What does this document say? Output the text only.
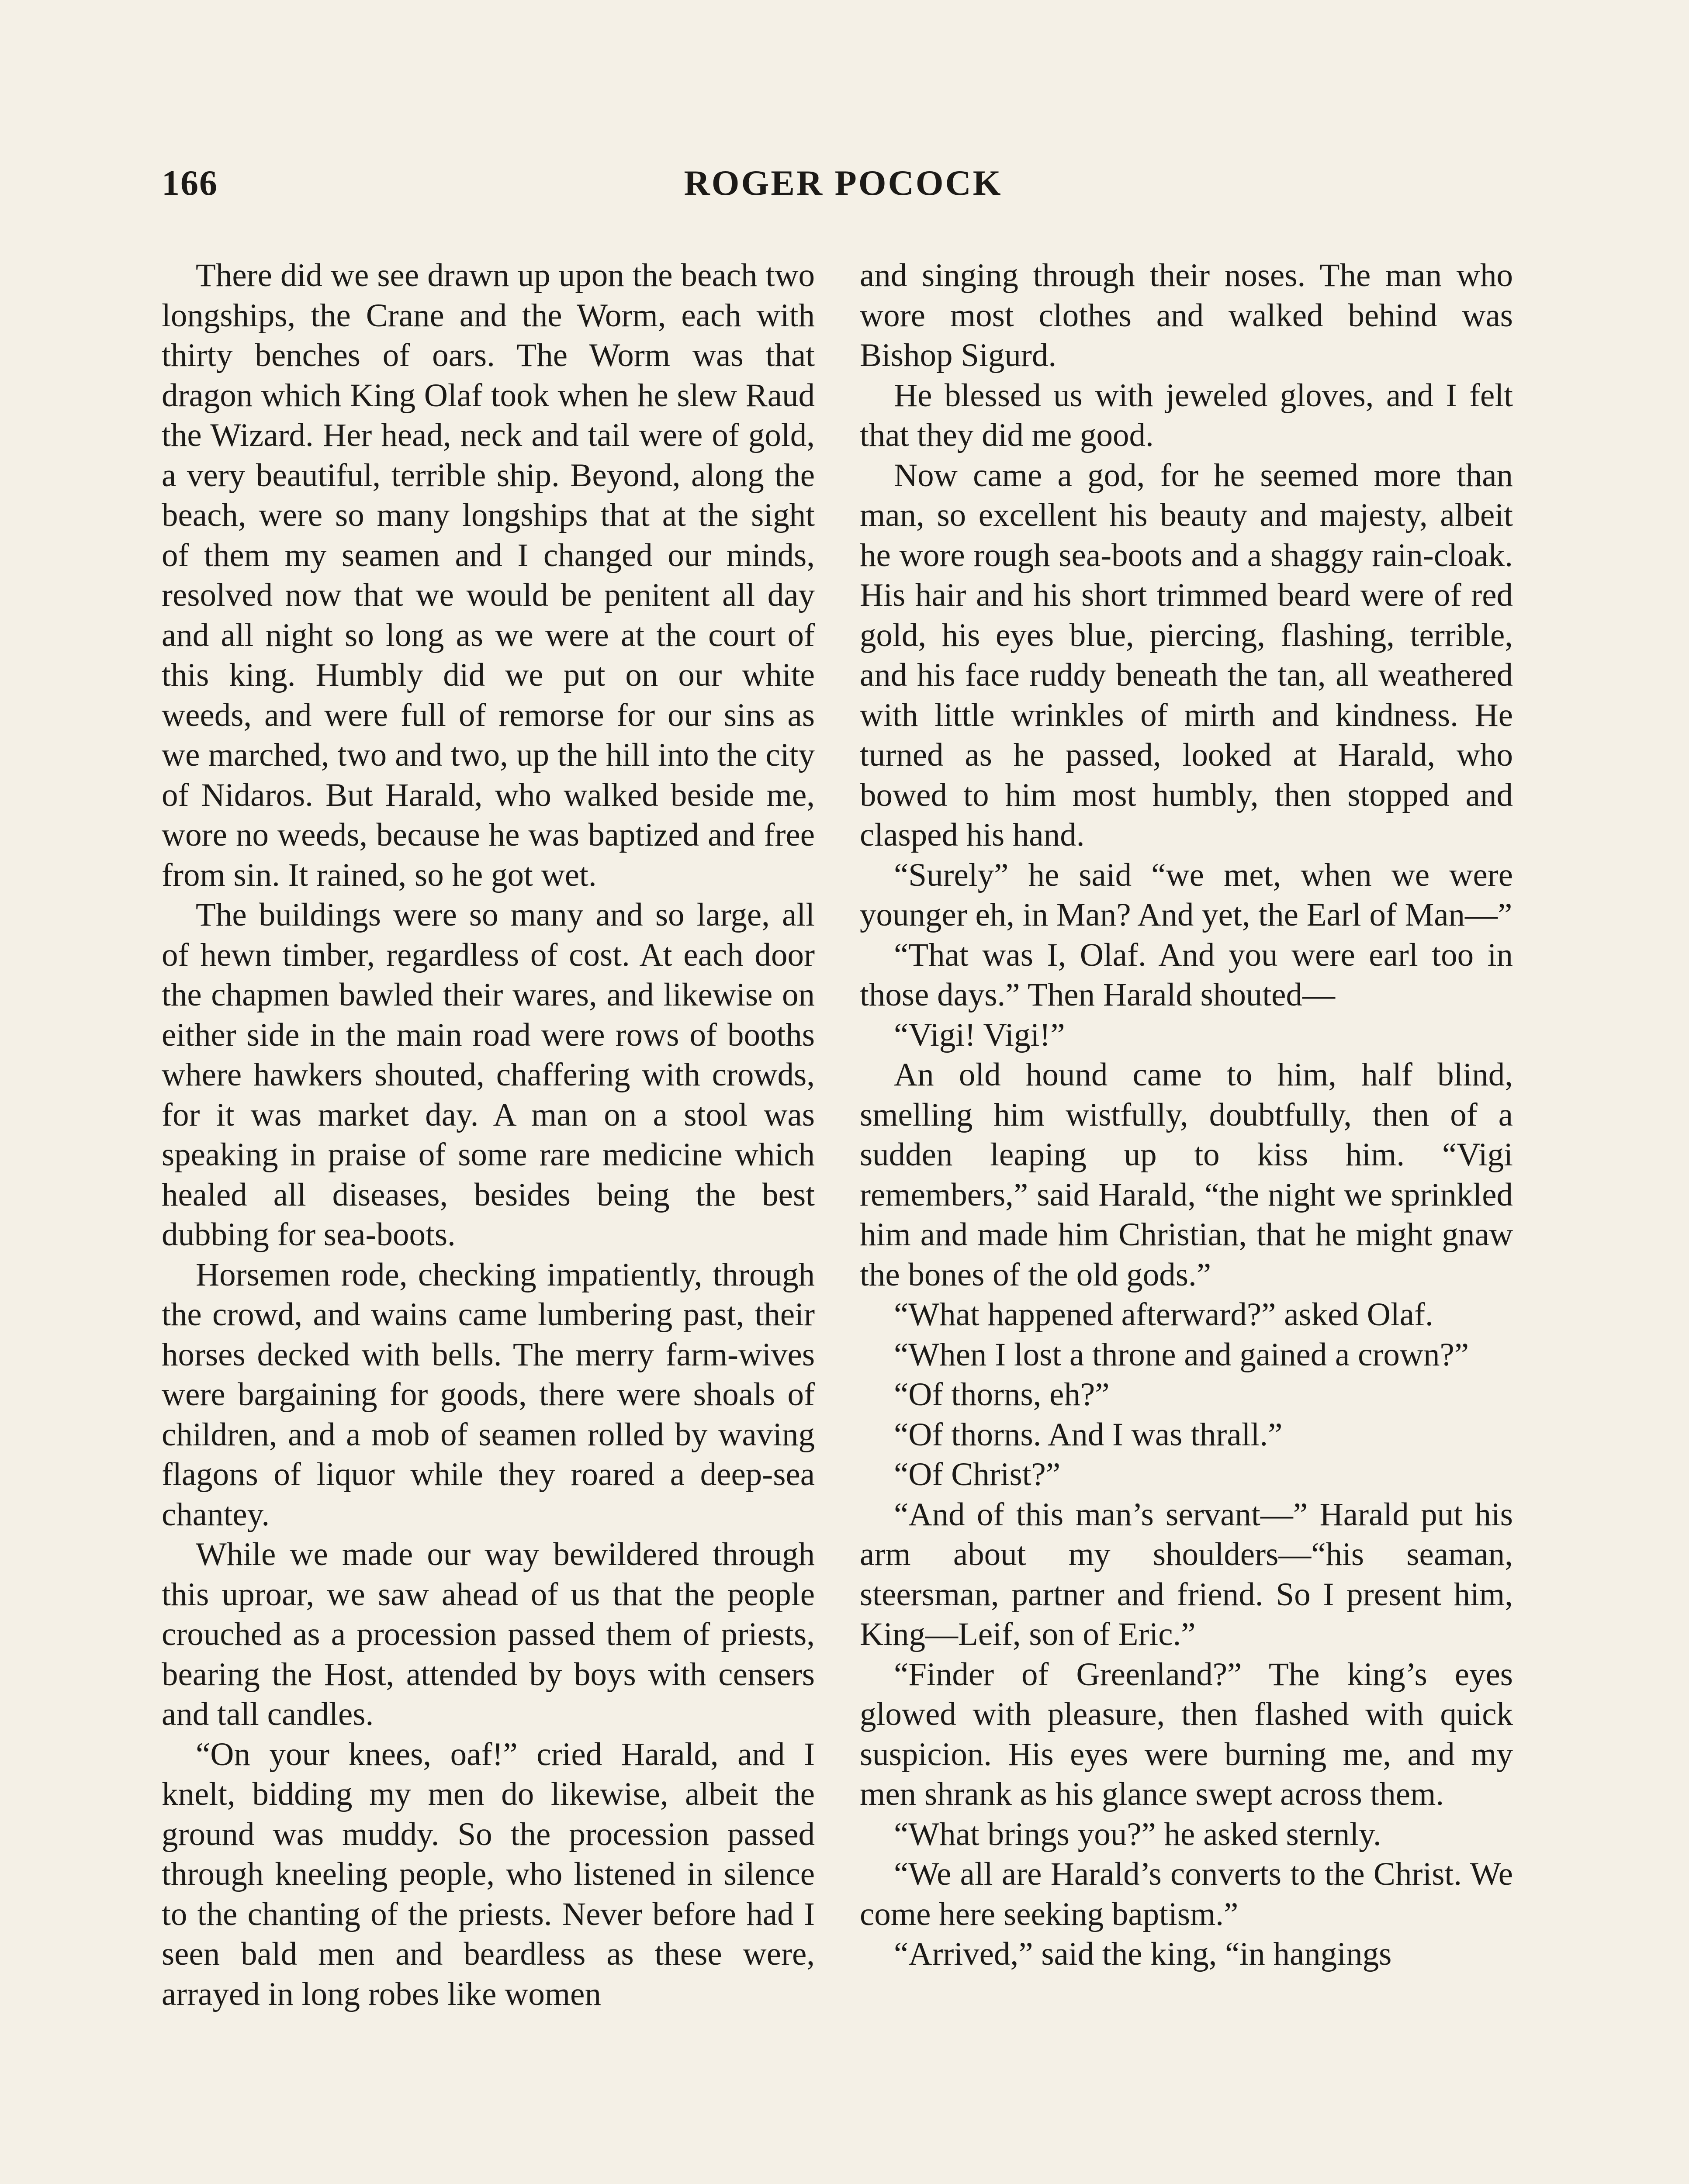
166	ROGER POCOCK

There did we see drawn up upon the beach two longships, the Crane and the Worm, each with thirty benches of oars. The Worm was that dragon which King Olaf took when he slew Raud the Wizard. Her head, neck and tail were of gold, a very beautiful, terrible ship. Beyond, along the beach, were so many longships that at the sight of them my seamen and I changed our minds, resolved now that we would be penitent all day and all night so long as we were at the court of this king. Humbly did we put on our white weeds, and were full of remorse for our sins as we marched, two and two, up the hill into the city of Nidaros. But Harald, who walked beside me, wore no weeds, because he was baptized and free from sin. It rained, so he got wet.

The buildings were so many and so large, all of hewn timber, regardless of cost. At each door the chapmen bawled their wares, and likewise on either side in the main road were rows of booths where hawkers shouted, chaffering with crowds, for it was market day. A man on a stool was speaking in praise of some rare medicine which healed all diseases, besides being the best dubbing for sea-boots.

Horsemen rode, checking impatiently, through the crowd, and wains came lumbering past, their horses decked with bells. The merry farm-wives were bargaining for goods, there were shoals of children, and a mob of seamen rolled by waving flagons of liquor while they roared a deep-sea chantey.

While we made our way bewildered through this uproar, we saw ahead of us that the people crouched as a procession passed them of priests, bearing the Host, attended by boys with censers and tall candles.

“On your knees, oaf!” cried Harald, and I knelt, bidding my men do likewise, albeit the ground was muddy. So the procession passed through kneeling people, who listened in silence to the chanting of the priests. Never before had I seen bald men and beardless as these were, arrayed in long robes like women

and singing through their noses. The man who wore most clothes and walked behind was Bishop Sigurd.

He blessed us with jeweled gloves, and I felt that they did me good.

Now came a god, for he seemed more than man, so excellent his beauty and majesty, albeit he wore rough sea-boots and a shaggy rain-cloak. His hair and his short trimmed beard were of red gold, his eyes blue, piercing, flashing, terrible, and his face ruddy beneath the tan, all weathered with little wrinkles of mirth and kindness. He turned as he passed, looked at Harald, who bowed to him most humbly, then stopped and clasped his hand.

“Surely” he said “we met, when we were younger eh, in Man? And yet, the Earl of Man—”

“That was I, Olaf. And you were earl too in those days.” Then Harald shouted—

“Vigi! Vigi!”

An old hound came to him, half blind, smelling him wistfully, doubtfully, then of a sudden leaping up to kiss him. “Vigi remembers,” said Harald, “the night we sprinkled him and made him Christian, that he might gnaw the bones of the old gods.”

“What happened afterward?” asked Olaf.

“When I lost a throne and gained a crown?”

“Of thorns, eh?”

“Of thorns. And I was thrall.”

“Of Christ?”

“And of this man’s servant—” Harald put his arm about my shoulders—“his seaman, steersman, partner and friend. So I present him, King—Leif, son of Eric.”

“Finder of Greenland?” The king’s eyes glowed with pleasure, then flashed with quick suspicion. His eyes were burning me, and my men shrank as his glance swept across them.

“What brings you?” he asked sternly.

“We all are Harald’s converts to the Christ. We come here seeking baptism.”

“Arrived,” said the king, “in hangings
